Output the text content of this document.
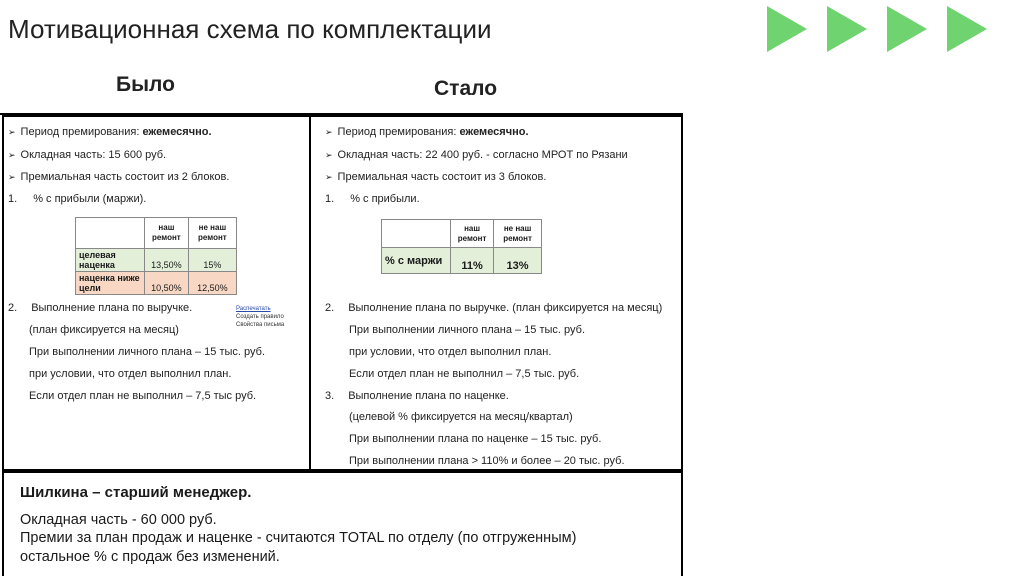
Мотивационная схема по комплектации
Было	Стало
➢ Период премирования: ежемесячно.
➢ Окладная часть: 15 600 руб.
➢ Премиальная часть состоит из 2 блоков.
1. % с прибыли (маржи).
	наш ремонт	не наш ремонт
целевая наценка	13,50%	15%
наценка ниже цели	10,50%	12,50%
2. Выполнение плана по выручке.	Распечатать
Создать правило
Свойства письма
(план фиксируется на месяц)
При выполнении личного плана – 15 тыс. руб.
при условии, что отдел выполнил план.
Если отдел план не выполнил – 7,5 тыс руб.
➢ Период премирования: ежемесячно.
➢ Окладная часть: 22 400 руб. - согласно МРОТ по Рязани
➢ Премиальная часть состоит из 3 блоков.
1. % с прибыли.
	наш ремонт	не наш ремонт
% с маржи	11%	13%
2. Выполнение плана по выручке. (план фиксируется на месяц)
При выполнении личного плана – 15 тыс. руб.
при условии, что отдел выполнил план.
Если отдел план не выполнил – 7,5 тыс. руб.
3. Выполнение плана по наценке.
(целевой % фиксируется на месяц/квартал)
При выполнении плана по наценке – 15 тыс. руб.
При выполнении плана > 110% и более – 20 тыс. руб.
Шилкина – старший менеджер.
Окладная часть - 60 000 руб.
Премии за план продаж и наценке - считаются TOTAL по отделу (по отгруженным)
остальное % с продаж без изменений.
